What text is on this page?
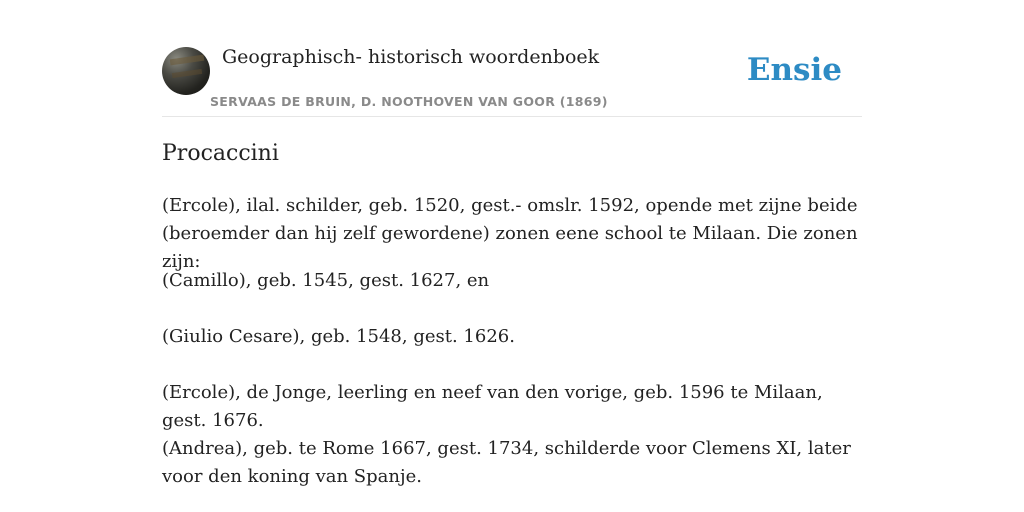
Geographisch- historisch woordenboek
SERVAAS DE BRUIN, D. NOOTHOVEN VAN GOOR (1869)
Ensie
Procaccini

(Ercole), ilal. schilder, geb. 1520, gest.- omslr. 1592, opende met zijne beide (beroemder dan hij zelf gewordene) zonen eene school te Milaan. Die zonen zijn:

(Camillo), geb. 1545, gest. 1627, en

(Giulio Cesare), geb. 1548, gest. 1626.

(Ercole), de Jonge, leerling en neef van den vorige, geb. 1596 te Milaan, gest. 1676.

(Andrea), geb. te Rome 1667, gest. 1734, schilderde voor Clemens XI, later voor den koning van Spanje.
